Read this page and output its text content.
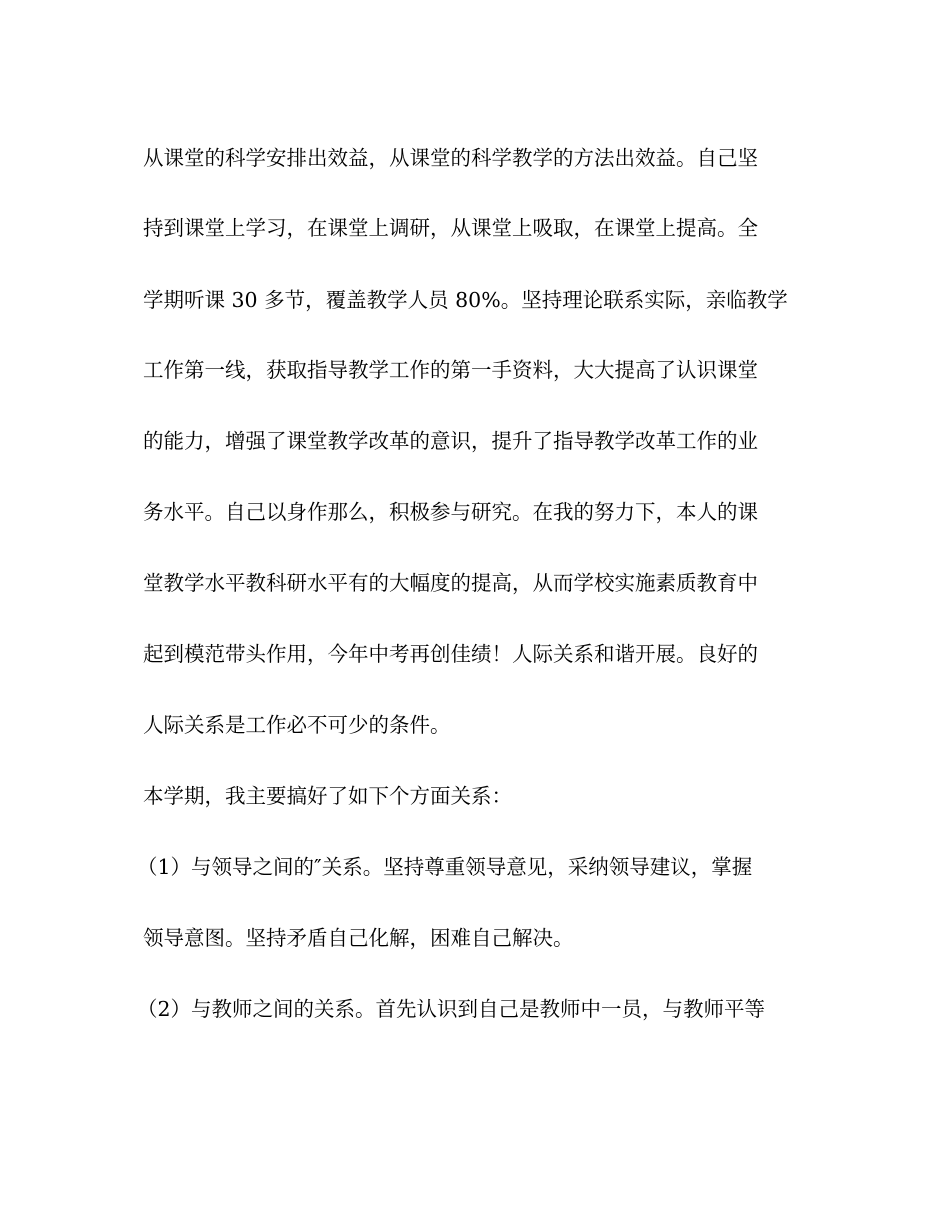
从课堂的科学安排出效益，从课堂的科学教学的方法出效益。自己坚

持到课堂上学习，在课堂上调研，从课堂上吸取，在课堂上提高。全

学期听课 30 多节，覆盖教学人员 80%。坚持理论联系实际，亲临教学

工作第一线，获取指导教学工作的第一手资料，大大提高了认识课堂

的能力，增强了课堂教学改革的意识，提升了指导教学改革工作的业

务水平。自己以身作那么，积极参与研究。在我的努力下，本人的课

堂教学水平教科研水平有的大幅度的提高，从而学校实施素质教育中

起到模范带头作用，今年中考再创佳绩！人际关系和谐开展。良好的

人际关系是工作必不可少的条件。

本学期，我主要搞好了如下个方面关系：

（1）与领导之间的″关系。坚持尊重领导意见，采纳领导建议，掌握

领导意图。坚持矛盾自己化解，困难自己解决。

（2）与教师之间的关系。首先认识到自己是教师中一员，与教师平等
